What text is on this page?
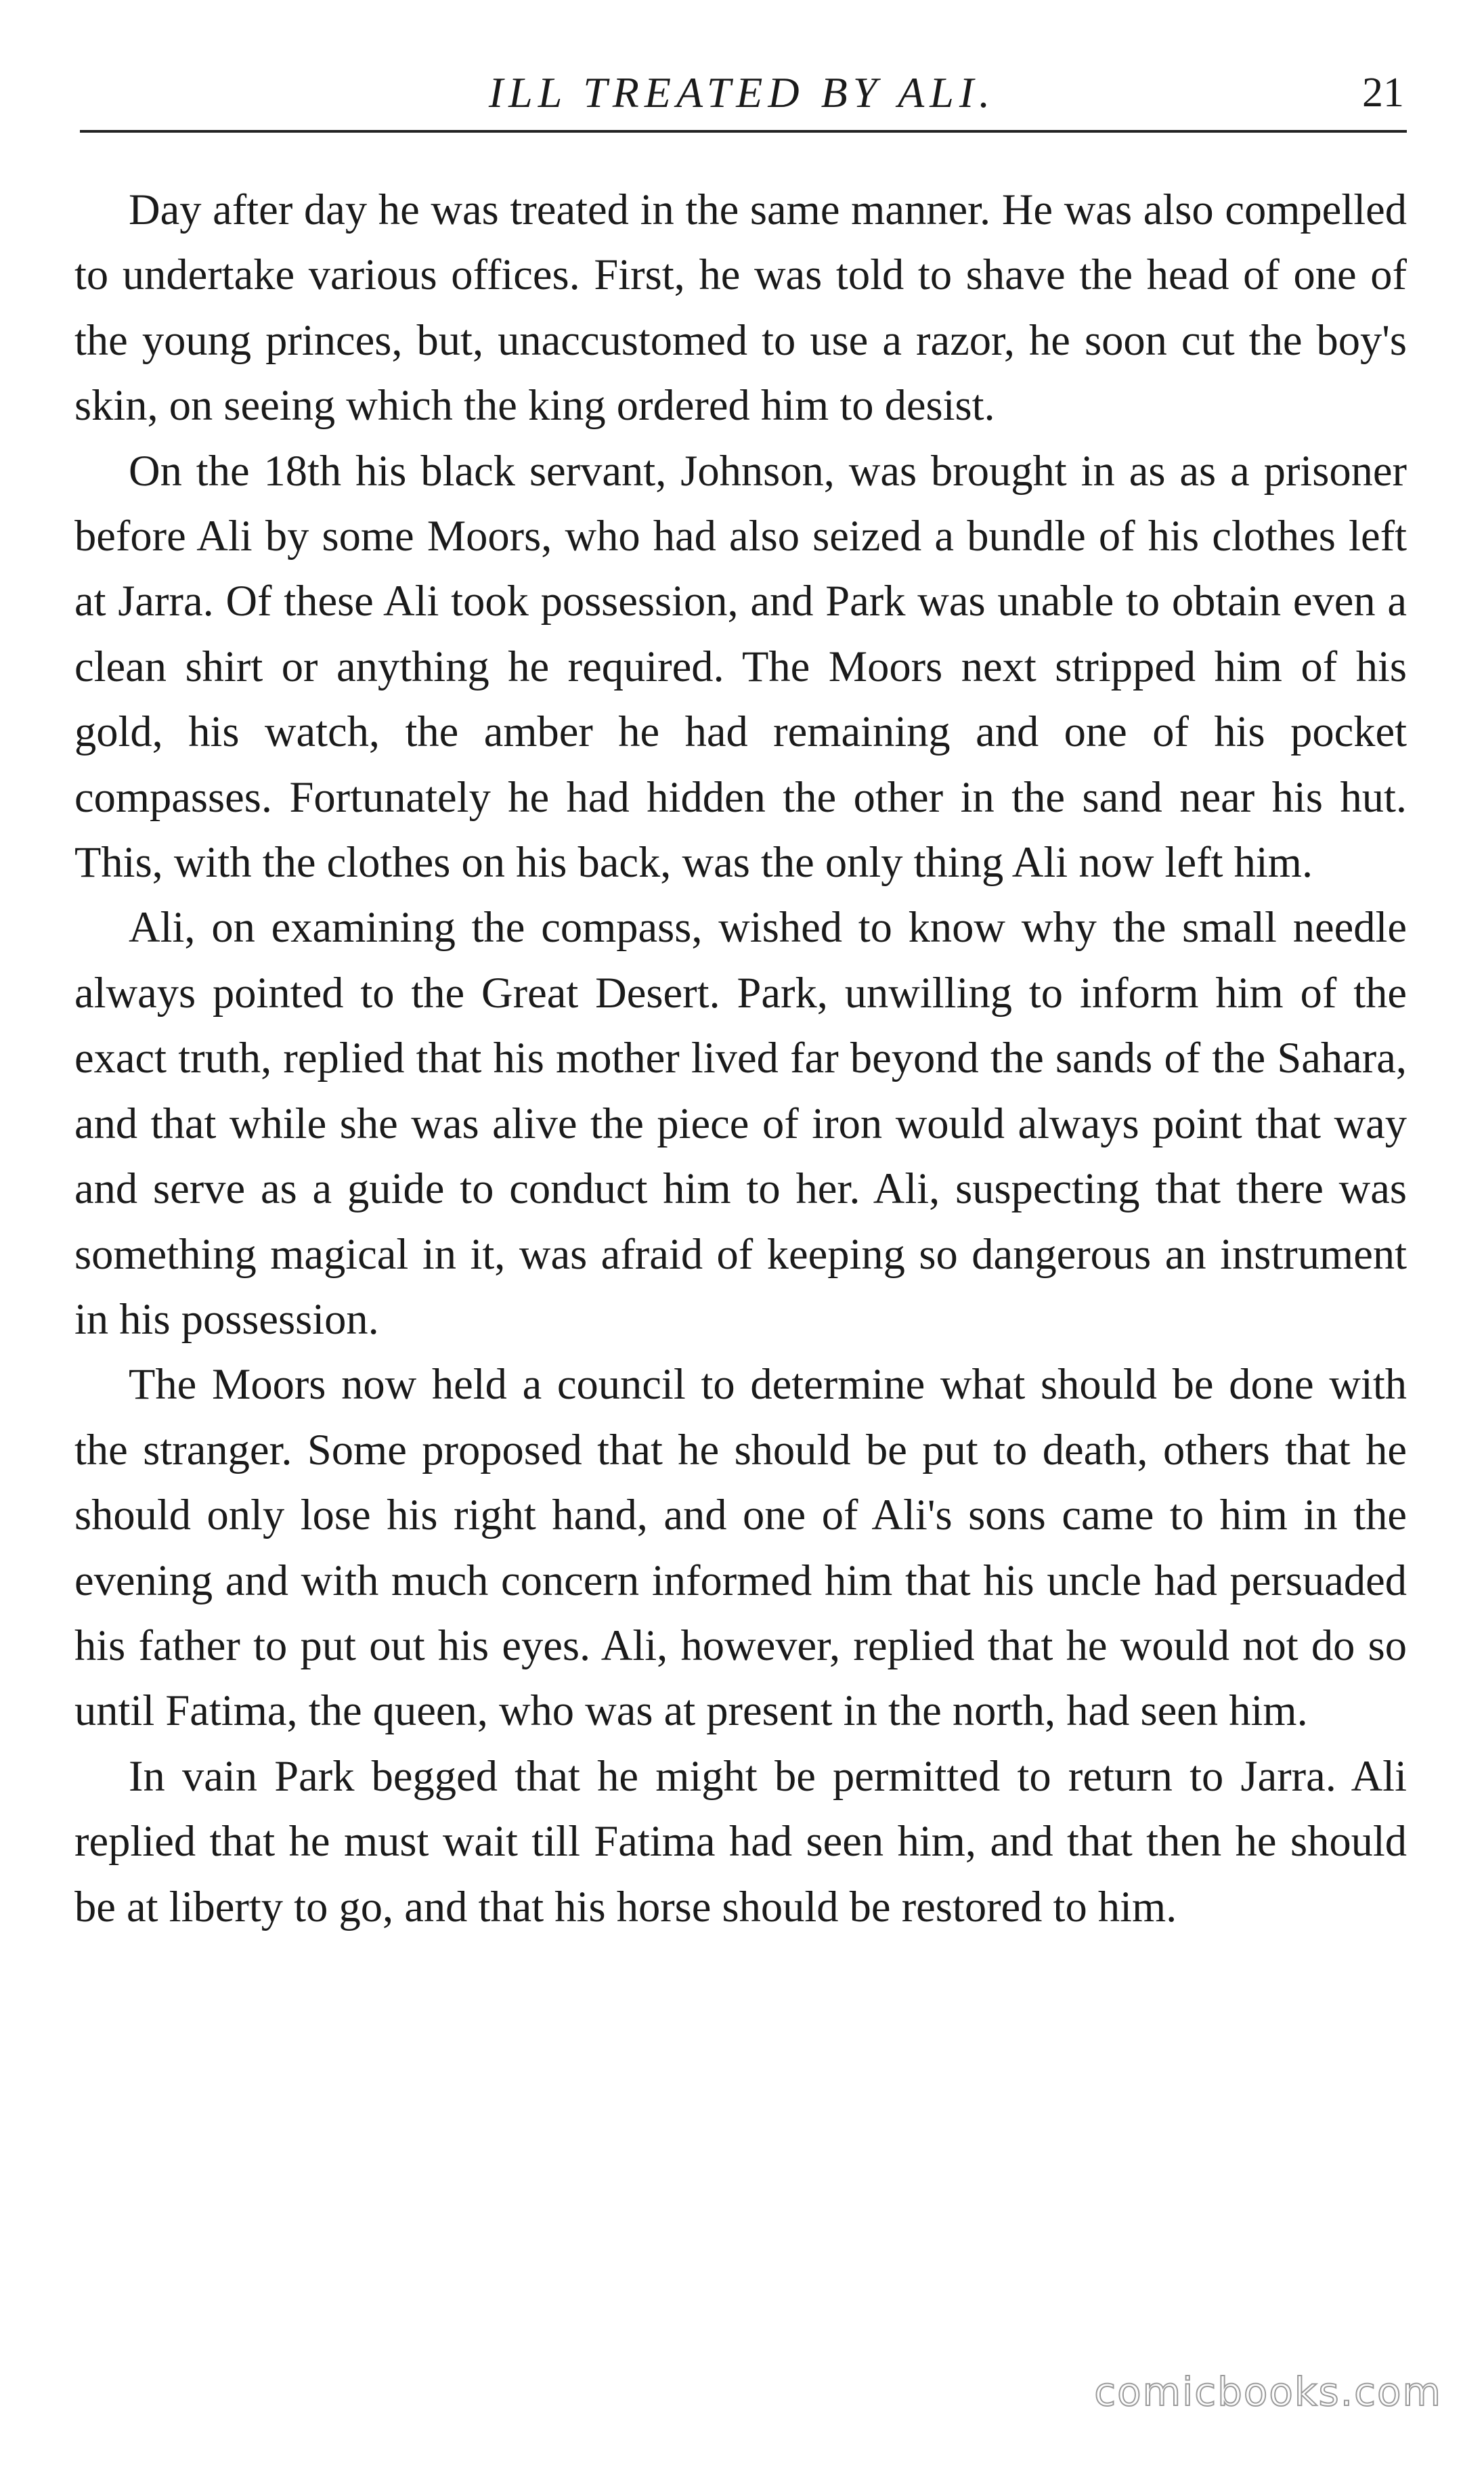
ILL TREATED BY ALI.	21

Day after day he was treated in the same manner. He was also compelled to undertake various offices. First, he was told to shave the head of one of the young princes, but, unaccustomed to use a razor, he soon cut the boy's skin, on seeing which the king ordered him to desist.

On the 18th his black servant, Johnson, was brought in as as a prisoner before Ali by some Moors, who had also seized a bundle of his clothes left at Jarra. Of these Ali took possession, and Park was unable to obtain even a clean shirt or anything he required. The Moors next stripped him of his gold, his watch, the amber he had remaining and one of his pocket compasses. Fortunately he had hidden the other in the sand near his hut. This, with the clothes on his back, was the only thing Ali now left him.

Ali, on examining the compass, wished to know why the small needle always pointed to the Great Desert. Park, unwilling to inform him of the exact truth, replied that his mother lived far beyond the sands of the Sahara, and that while she was alive the piece of iron would always point that way and serve as a guide to conduct him to her. Ali, suspecting that there was something magical in it, was afraid of keeping so dangerous an instrument in his possession.

The Moors now held a council to determine what should be done with the stranger. Some proposed that he should be put to death, others that he should only lose his right hand, and one of Ali's sons came to him in the evening and with much concern informed him that his uncle had persuaded his father to put out his eyes. Ali, however, replied that he would not do so until Fatima, the queen, who was at present in the north, had seen him.

In vain Park begged that he might be permitted to return to Jarra. Ali replied that he must wait till Fatima had seen him, and that then he should be at liberty to go, and that his horse should be restored to him.

comicbooks.com
